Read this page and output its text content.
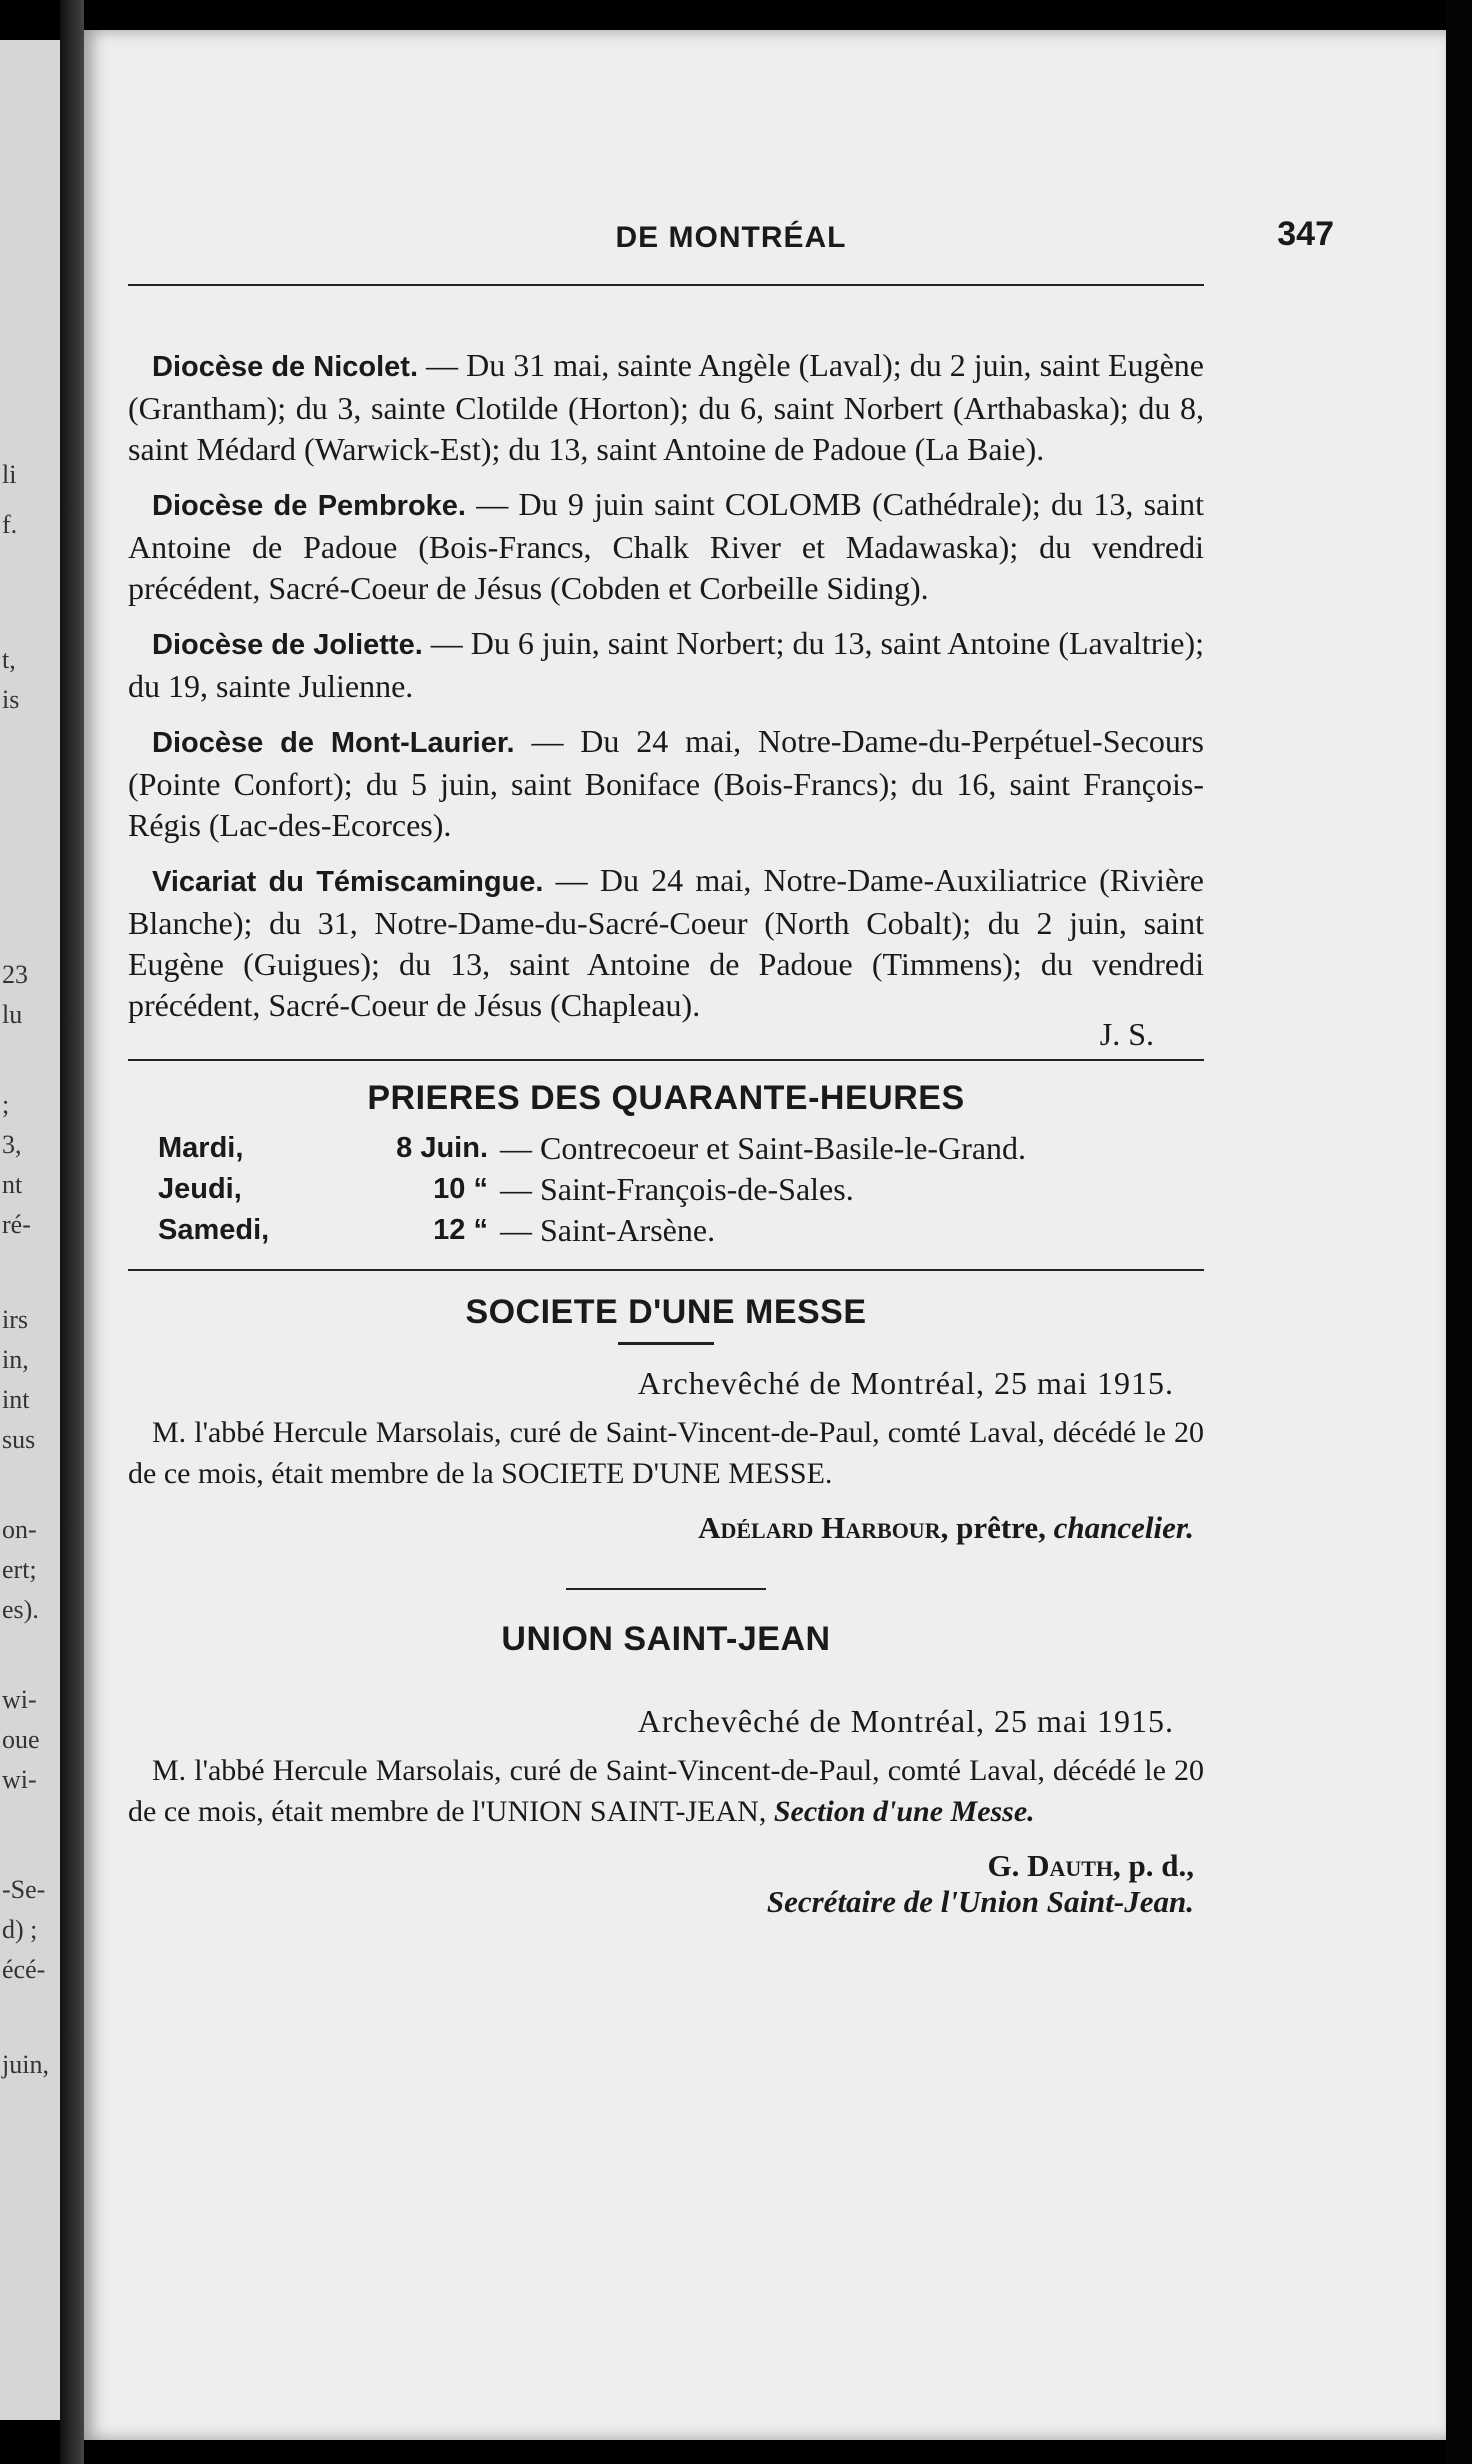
li
f.
t,
is
23
lu
;
3,
nt
ré-
irs
in,
int
sus
on-
ert;
es).
wi-
oue
wi-
-Se-
d) ;
écé-
juin,
DE MONTRÉAL	347

Diocèse de Nicolet. — Du 31 mai, sainte Angèle (Laval); du 2 juin, saint Eugène (Grantham); du 3, sainte Clotilde (Horton); du 6, saint Norbert (Arthabaska); du 8, saint Médard (Warwick-Est); du 13, saint Antoine de Padoue (La Baie).

Diocèse de Pembroke. — Du 9 juin saint COLOMB (Cathédrale); du 13, saint Antoine de Padoue (Bois-Francs, Chalk River et Madawaska); du vendredi précédent, Sacré-Coeur de Jésus (Cobden et Corbeille Siding).

Diocèse de Joliette. — Du 6 juin, saint Norbert; du 13, saint Antoine (Lavaltrie); du 19, sainte Julienne.

Diocèse de Mont-Laurier. — Du 24 mai, Notre-Dame-du-Perpétuel-Secours (Pointe Confort); du 5 juin, saint Boniface (Bois-Francs); du 16, saint François-Régis (Lac-des-Ecorces).

Vicariat du Témiscamingue. — Du 24 mai, Notre-Dame-Auxiliatrice (Rivière Blanche); du 31, Notre-Dame-du-Sacré-Coeur (North Cobalt); du 2 juin, saint Eugène (Guigues); du 13, saint Antoine de Padoue (Timmens); du vendredi précédent, Sacré-Coeur de Jésus (Chapleau).

J. S.
PRIERES DES QUARANTE-HEURES
Mardi,	8 Juin. — Contrecoeur et Saint-Basile-le-Grand.
Jeudi,	10 “ — Saint-François-de-Sales.
Samedi,	12 “ — Saint-Arsène.
SOCIETE D'UNE MESSE
Archevêché de Montréal, 25 mai 1915.

M. l'abbé Hercule Marsolais, curé de Saint-Vincent-de-Paul, comté Laval, décédé le 20 de ce mois, était membre de la SOCIETE D'UNE MESSE.

Adélard Harbour, prêtre, chancelier.
UNION SAINT-JEAN
Archevêché de Montréal, 25 mai 1915.

M. l'abbé Hercule Marsolais, curé de Saint-Vincent-de-Paul, comté Laval, décédé le 20 de ce mois, était membre de l'UNION SAINT-JEAN, Section d'une Messe.

G. Dauth, p. d.,
Secrétaire de l'Union Saint-Jean.
